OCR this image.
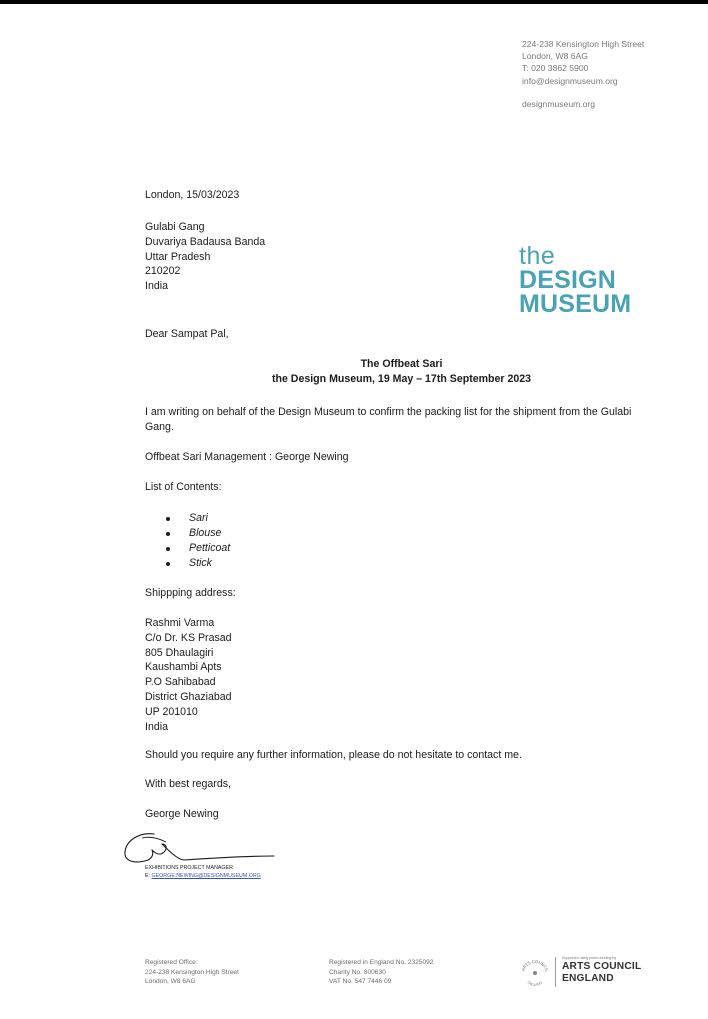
224-238 Kensington High Street
London, W8 6AG
T: 020 3862 5900
info@designmuseum.org
designmuseum.org
the
DESIGN
MUSEUM
London, 15/03/2023
Gulabi Gang
Duvariya Badausa Banda
Uttar Pradesh
210202
India
Dear Sampat Pal,
The Offbeat Sari
the Design Museum, 19 May – 17th September 2023
I am writing on behalf of the Design Museum to confirm the packing list for the shipment from the Gulabi Gang.
Offbeat Sari Management : George Newing
List of Contents:
Sari
Blouse
Petticoat
Stick
Shippping address:
Rashmi Varma
C/o Dr. KS Prasad
805 Dhaulagiri
Kaushambi Apts
P.O Sahibabad
District Ghaziabad
UP 201010
India
Should you require any further information, please do not hesitate to contact me.
With best regards,
George Newing
EXHIBITIONS PROJECT MANAGER
E: GEORGE.NEWING@DESIGNMUSEUM.ORG
Registered Office:
224-238 Kensington High Street
London, W8 6AG
Registered in England No. 2325092
Charity No. 800630
VAT No. 547 7446 09
ARTS COUNCIL
ENGLAND
Supported using public funding by
ARTS COUNCIL
ENGLAND
